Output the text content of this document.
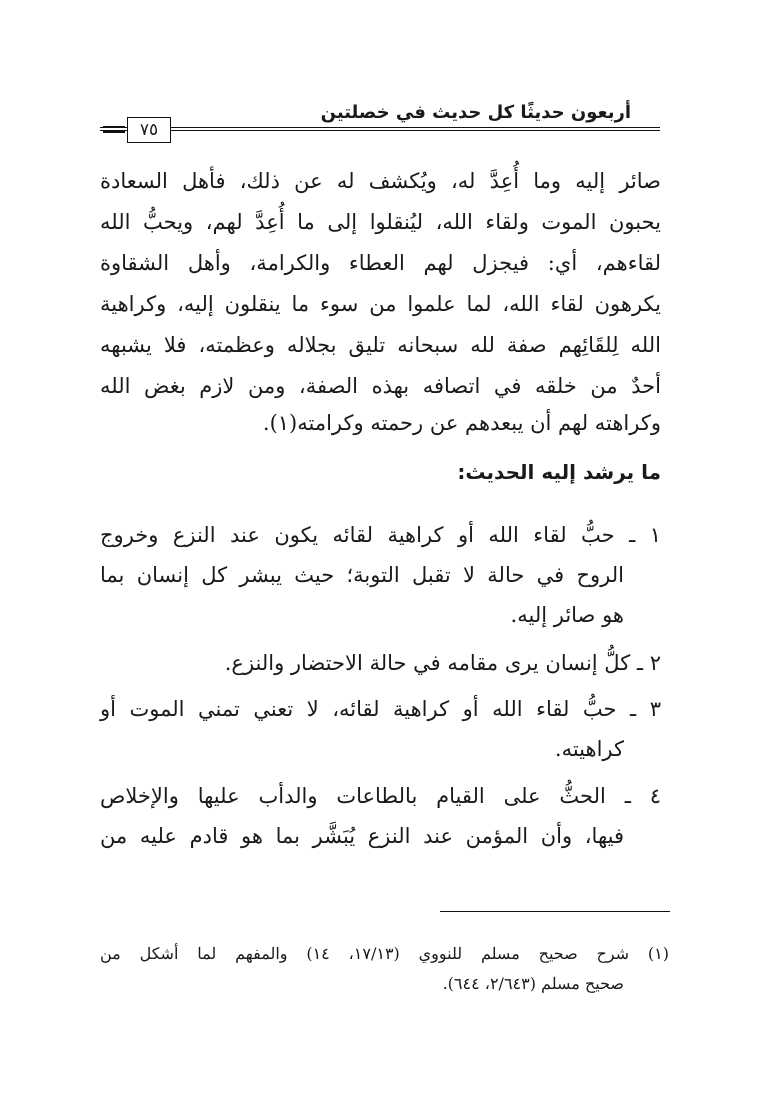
أربعون حديثًا كل حديث في خصلتين
٧٥
صائر إليه وما أُعِدَّ له، ويُكشف له عن ذلك، فأهل السعادة
يحبون الموت ولقاء الله، ليُنقلوا إلى ما أُعِدَّ لهم، ويحبُّ الله
لقاءهم، أي: فيجزل لهم العطاء والكرامة، وأهل الشقاوة
يكرهون لقاء الله، لما علموا من سوء ما ينقلون إليه، وكراهية
الله لِلقَائِهم صفة لله سبحانه تليق بجلاله وعظمته، فلا يشبهه
أحدٌ من خلقه في اتصافه بهذه الصفة، ومن لازم بغض الله
وكراهته لهم أن يبعدهم عن رحمته وكرامته(١).
ما يرشد إليه الحديث:
١ ـ حبُّ لقاء الله أو كراهية لقائه يكون عند النزع وخروج
الروح في حالة لا تقبل التوبة؛ حيث يبشر كل إنسان بما
هو صائر إليه.
٢ ـ كلُّ إنسان يرى مقامه في حالة الاحتضار والنزع.
٣ ـ حبُّ لقاء الله أو كراهية لقائه، لا تعني تمني الموت أو
كراهيته.
٤ ـ الحثُّ على القيام بالطاعات والدأب عليها والإخلاص
فيها، وأن المؤمن عند النزع يُبَشَّر بما هو قادم عليه من
(١) شرح صحيح مسلم للنووي (١٧/١٣، ١٤) والمفهم لما أشكل من
صحيح مسلم (٢/٦٤٣، ٦٤٤).
